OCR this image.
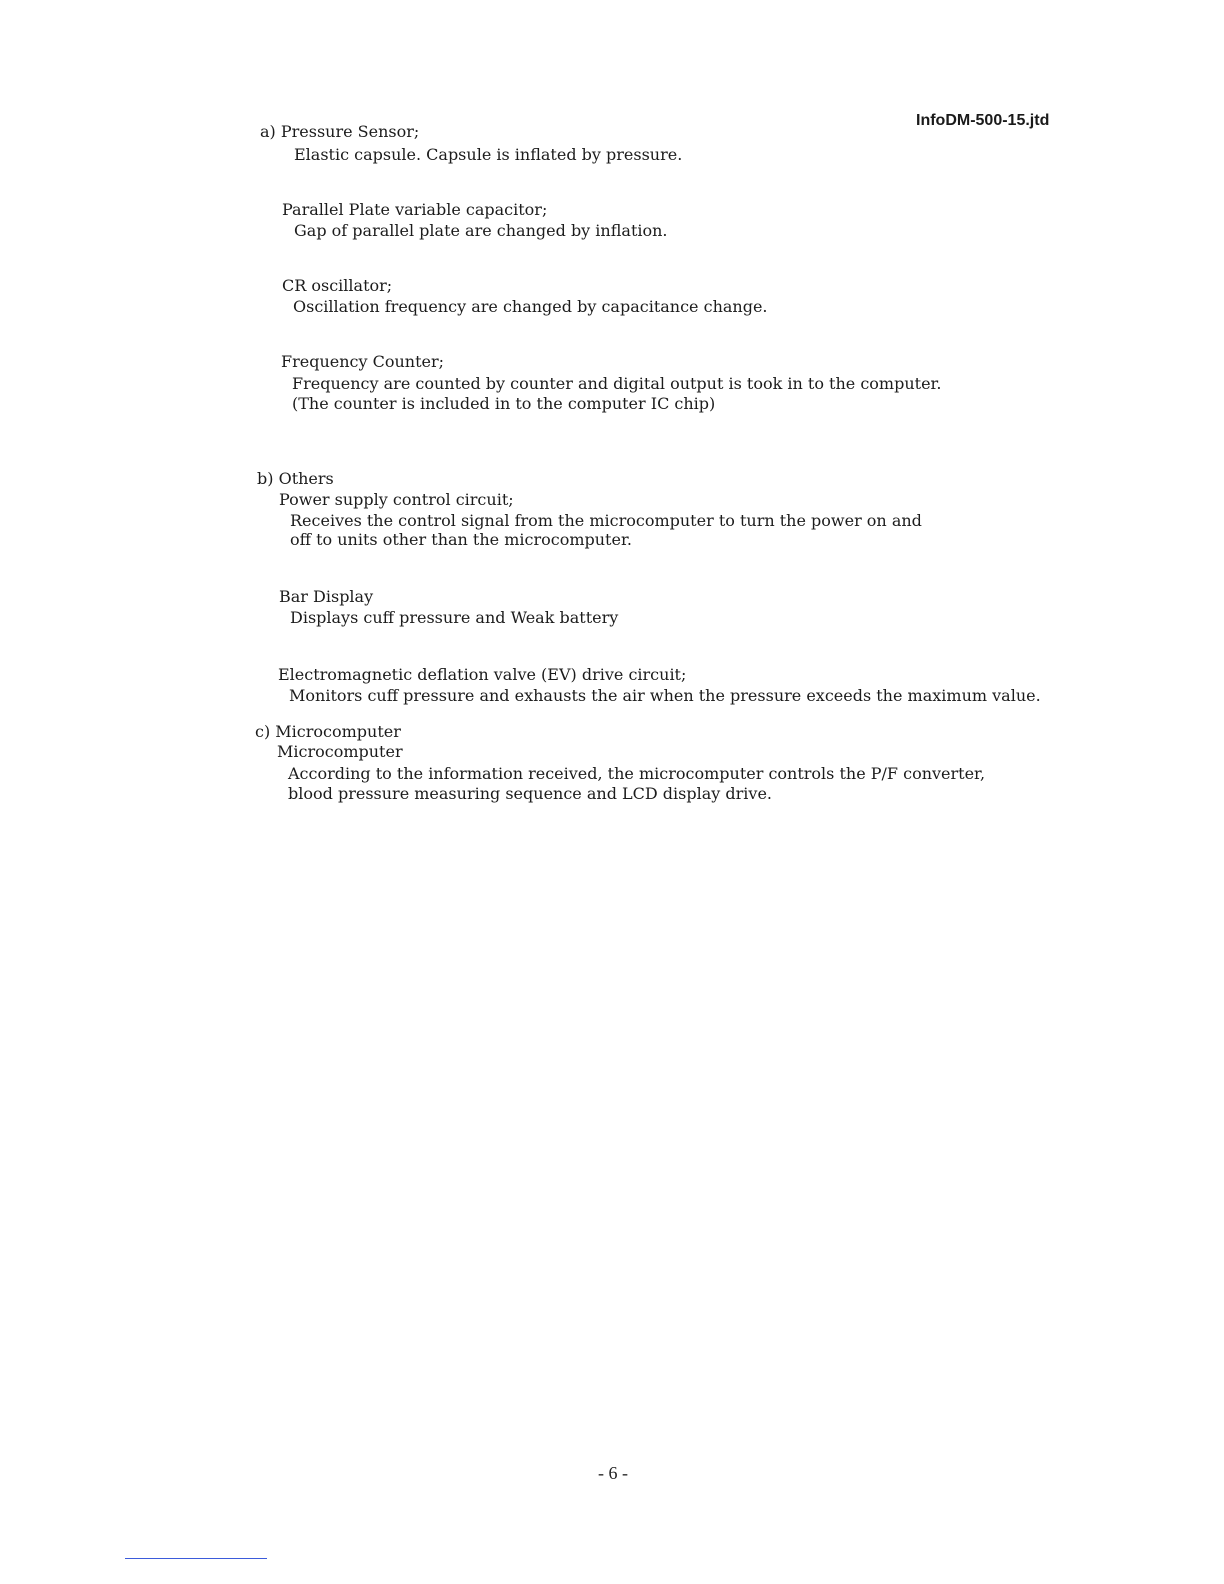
InfoDM-500-15.jtd
a) Pressure Sensor;
Elastic capsule. Capsule is inflated by pressure.
Parallel Plate variable capacitor;
Gap of parallel plate are changed by inflation.
CR oscillator;
Oscillation frequency are changed by capacitance change.
Frequency Counter;
Frequency are counted by counter and digital output is took in to the computer.
(The counter is included in to the computer IC chip)
b) Others
Power supply control circuit;
Receives the control signal from the microcomputer to turn the power on and
off to units other than the microcomputer.
Bar Display
Displays cuff pressure and Weak battery
Electromagnetic deflation valve (EV) drive circuit;
Monitors cuff pressure and exhausts the air when the pressure exceeds the maximum value.
c) Microcomputer
Microcomputer
According to the information received, the microcomputer controls the P/F converter,
blood pressure measuring sequence and LCD display drive.
- 6 -
